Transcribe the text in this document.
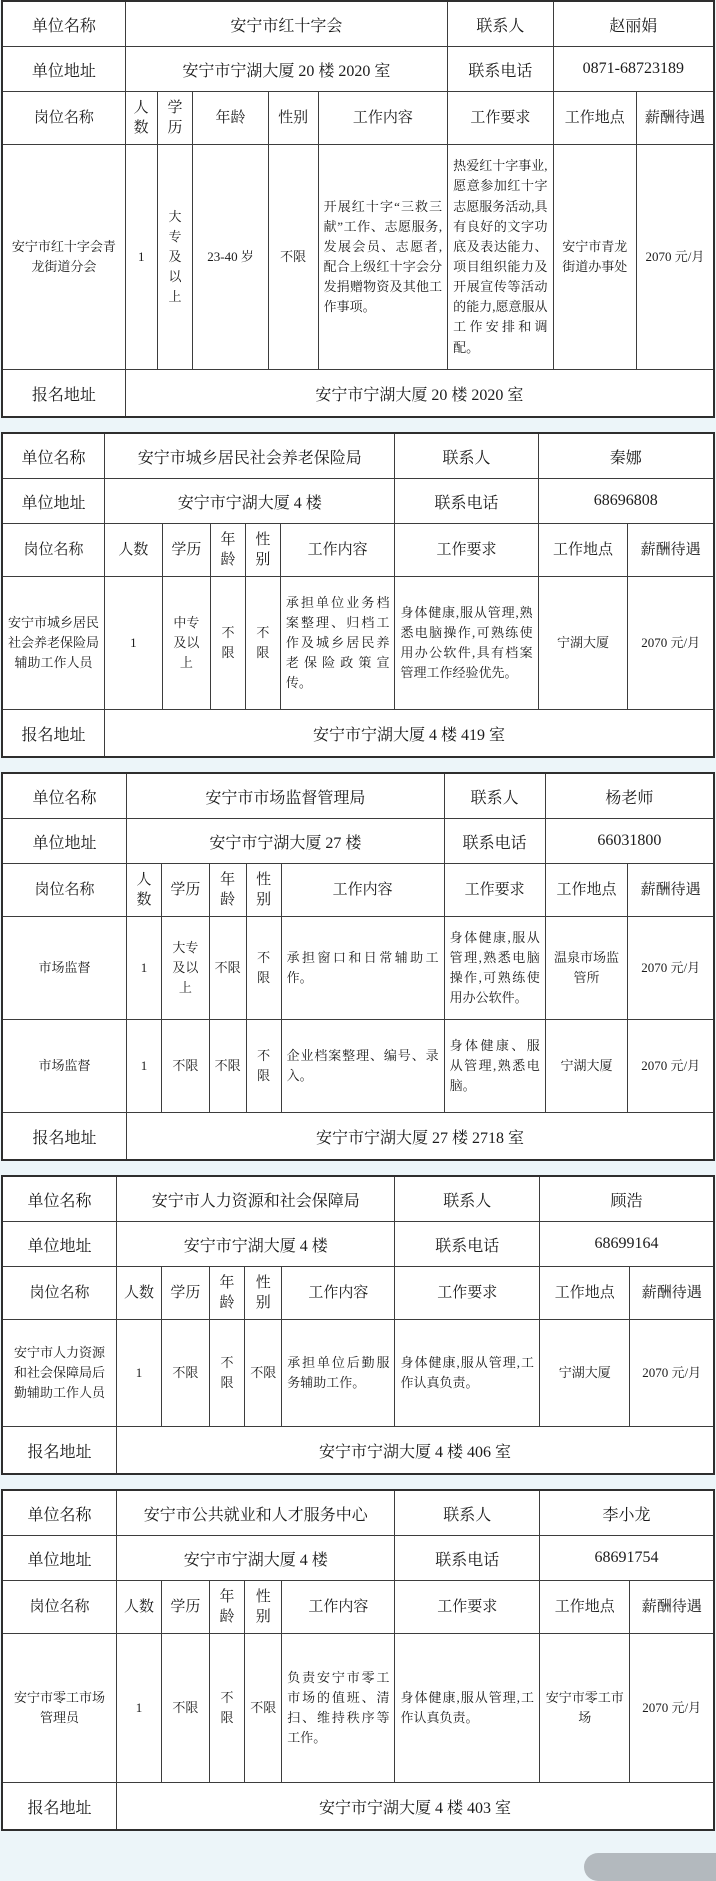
单位名称	安宁市红十字会					联系人	赵丽娟	
单位地址	安宁市宁湖大厦 20 楼 2020 室					联系电话	0871-68723189	
岗位名称	人数	学历	年龄	性别	工作内容	工作要求	工作地点	薪酬待遇
安宁市红十字会青龙街道分会	1	大专及以上	23-40 岁	不限	开展红十字“三救三献”工作、志愿服务,发展会员、志愿者,配合上级红十字会分发捐赠物资及其他工作事项。	热爱红十字事业,愿意参加红十字志愿服务活动,具有良好的文字功底及表达能力、项目组织能力及开展宣传等活动的能力,愿意服从工作安排和调配。	安宁市青龙街道办事处	2070 元/月
报名地址	安宁市宁湖大厦 20 楼 2020 室							
单位名称	安宁市城乡居民社会养老保险局					联系人	秦娜	
单位地址	安宁市宁湖大厦 4 楼					联系电话	68696808	
岗位名称	人数	学历	年龄	性别	工作内容	工作要求	工作地点	薪酬待遇
安宁市城乡居民社会养老保险局辅助工作人员	1	中专及以上	不限	不限	承担单位业务档案整理、归档工作及城乡居民养老保险政策宣传。	身体健康,服从管理,熟悉电脑操作,可熟练使用办公软件,具有档案管理工作经验优先。	宁湖大厦	2070 元/月
报名地址	安宁市宁湖大厦 4 楼 419 室							
单位名称	安宁市市场监督管理局					联系人	杨老师	
单位地址	安宁市宁湖大厦 27 楼					联系电话	66031800	
岗位名称	人数	学历	年龄	性别	工作内容	工作要求	工作地点	薪酬待遇
市场监督	1	大专及以上	不限	不限	承担窗口和日常辅助工作。	身体健康,服从管理,熟悉电脑操作,可熟练使用办公软件。	温泉市场监管所	2070 元/月
市场监督	1	不限	不限	不限	企业档案整理、编号、录入。	身体健康、服从管理,熟悉电脑。	宁湖大厦	2070 元/月
报名地址	安宁市宁湖大厦 27 楼 2718 室							
单位名称	安宁市人力资源和社会保障局					联系人	顾浩	
单位地址	安宁市宁湖大厦 4 楼					联系电话	68699164	
岗位名称	人数	学历	年龄	性别	工作内容	工作要求	工作地点	薪酬待遇
安宁市人力资源和社会保障局后勤辅助工作人员	1	不限	不限	不限	承担单位后勤服务辅助工作。	身体健康,服从管理,工作认真负责。	宁湖大厦	2070 元/月
报名地址	安宁市宁湖大厦 4 楼 406 室							
单位名称	安宁市公共就业和人才服务中心					联系人	李小龙	
单位地址	安宁市宁湖大厦 4 楼					联系电话	68691754	
岗位名称	人数	学历	年龄	性别	工作内容	工作要求	工作地点	薪酬待遇
安宁市零工市场管理员	1	不限	不限	不限	负责安宁市零工市场的值班、清扫、维持秩序等工作。	身体健康,服从管理,工作认真负责。	安宁市零工市场	2070 元/月
报名地址	安宁市宁湖大厦 4 楼 403 室							
